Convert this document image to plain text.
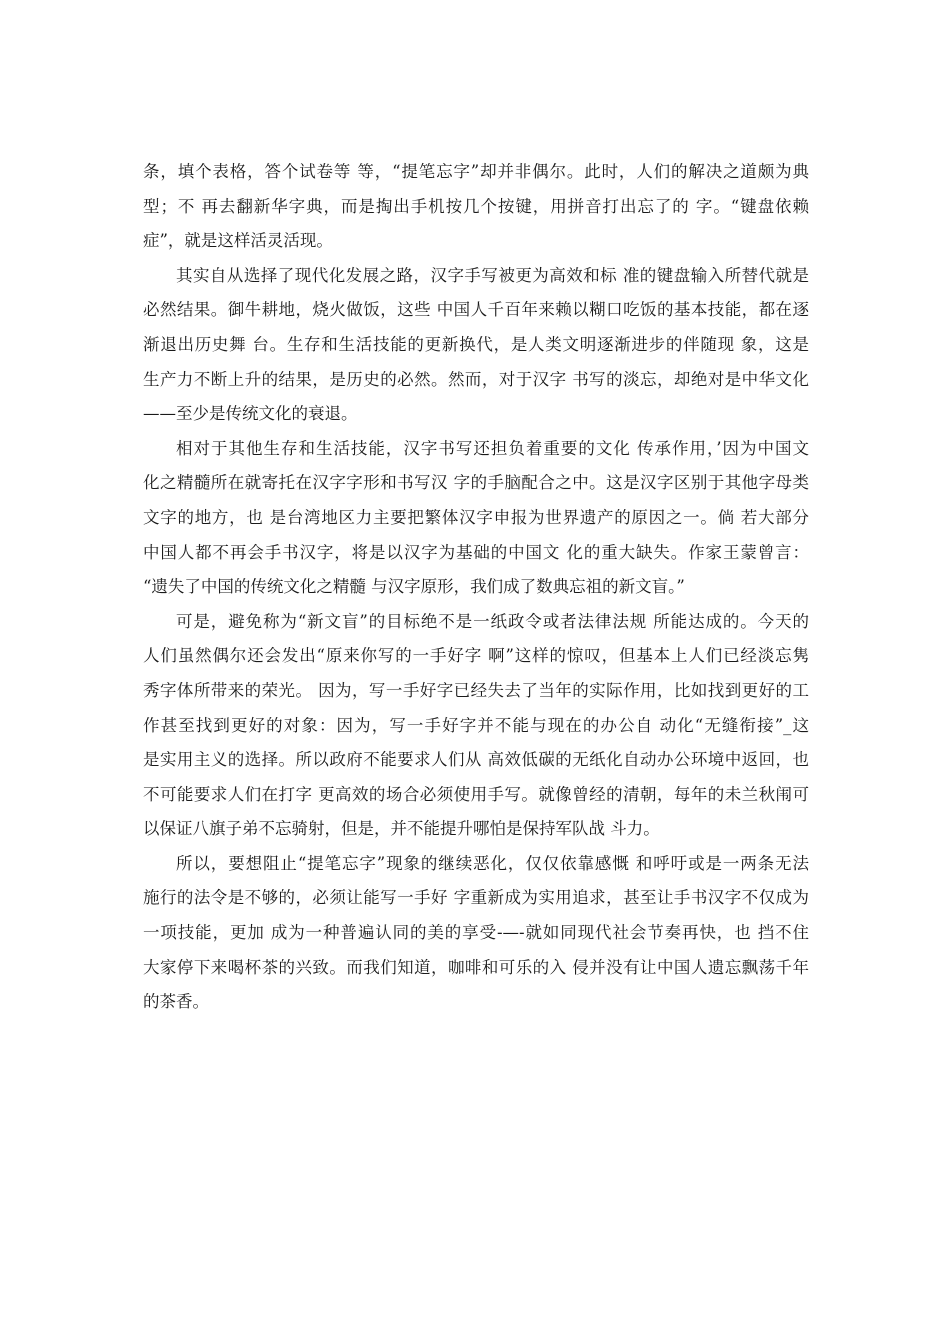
条，填个表格，答个试卷等 等，“提笔忘字”却并非偶尔。此时，人们的解决之道颇为典
型；不 再去翻新华字典，而是掏出手机按几个按键，用拼音打出忘了的 字。“键盘依赖
症”，就是这样活灵活现。
其实自从选择了现代化发展之路，汉字手写被更为高效和标 准的键盘输入所替代就是
必然结果。御牛耕地，烧火做饭，这些 中国人千百年来赖以糊口吃饭的基本技能，都在逐
渐退出历史舞 台。生存和生活技能的更新换代，是人类文明逐渐进步的伴随现 象，这是
生产力不断上升的结果，是历史的必然。然而，对于汉字 书写的淡忘，却绝对是中华文化
——至少是传统文化的衰退。
相对于其他生存和生活技能，汉字书写还担负着重要的文化 传承作用，’因为中国文
化之精髓所在就寄托在汉字字形和书写汉 字的手脑配合之中。这是汉字区别于其他字母类
文字的地方，也 是台湾地区力主要把繁体汉字申报为世界遗产的原因之一。倘 若大部分
中国人都不再会手书汉字，将是以汉字为基础的中国文 化的重大缺失。作家王蒙曾言：
“遗失了中国的传统文化之精髓 与汉字原形，我们成了数典忘祖的新文盲。”
可是，避免称为“新文盲”的目标绝不是一纸政令或者法律法规 所能达成的。今天的
人们虽然偶尔还会发出“原来你写的一手好字 啊”这样的惊叹，但基本上人们已经淡忘隽
秀字体所带来的荣光。 因为，写一手好字已经失去了当年的实际作用，比如找到更好的工
作甚至找到更好的对象：因为，写一手好字并不能与现在的办公自 动化“无缝衔接”_这
是实用主义的选择。所以政府不能要求人们从 高效低碳的无纸化自动办公环境中返回，也
不可能要求人们在打字 更高效的场合必须使用手写。就像曾经的清朝，每年的未兰秋闱可
以保证八旗子弟不忘骑射，但是，并不能提升哪怕是保持军队战 斗力。
所以，要想阻止“提笔忘字”现象的继续恶化，仅仅依靠感慨 和呼吁或是一两条无法
施行的法令是不够的，必须让能写一手好 字重新成为实用追求，甚至让手书汉字不仅成为
一项技能，更加 成为一种普遍认同的美的享受-—-就如同现代社会节奏再快，也 挡不住
大家停下来喝杯茶的兴致。而我们知道，咖啡和可乐的入 侵并没有让中国人遗忘飘荡千年
的茶香。
